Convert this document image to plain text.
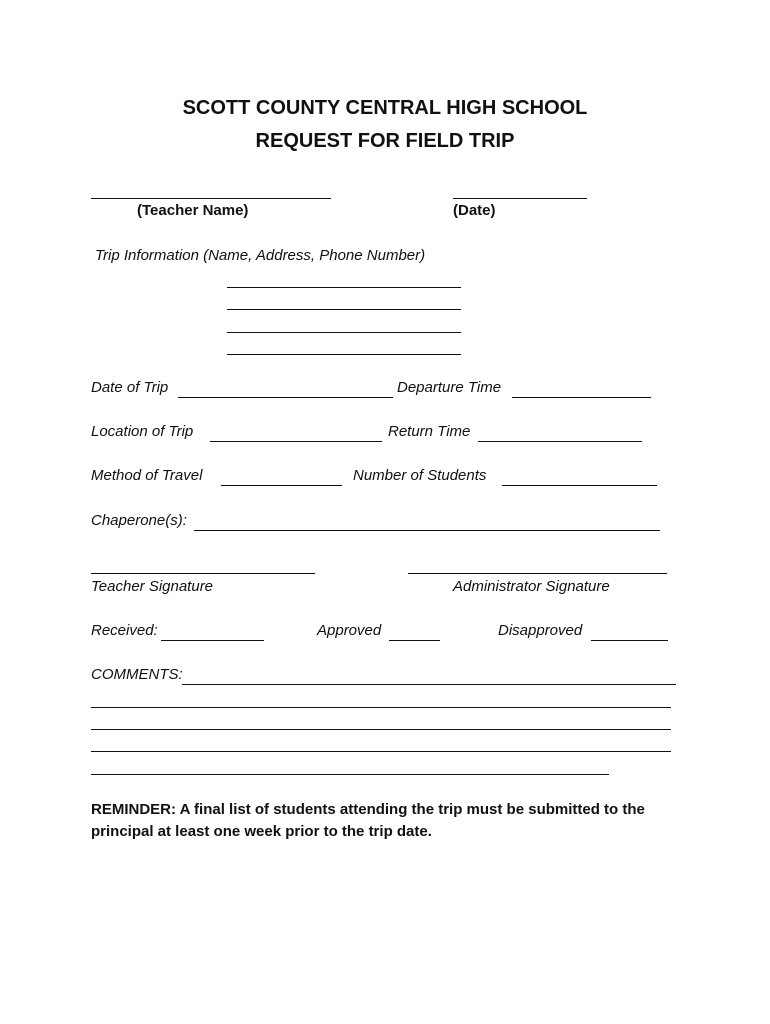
SCOTT COUNTY CENTRAL HIGH SCHOOL
REQUEST FOR FIELD TRIP
(Teacher Name)	(Date)
Trip Information (Name, Address, Phone Number)
Date of Trip	Departure Time
Location of Trip	Return Time
Method of Travel	Number of Students
Chaperone(s):
Teacher Signature	Administrator Signature
Received:	Approved	Disapproved
COMMENTS:
REMINDER: A final list of students attending the trip must be submitted to the principal at least one week prior to the trip date.
